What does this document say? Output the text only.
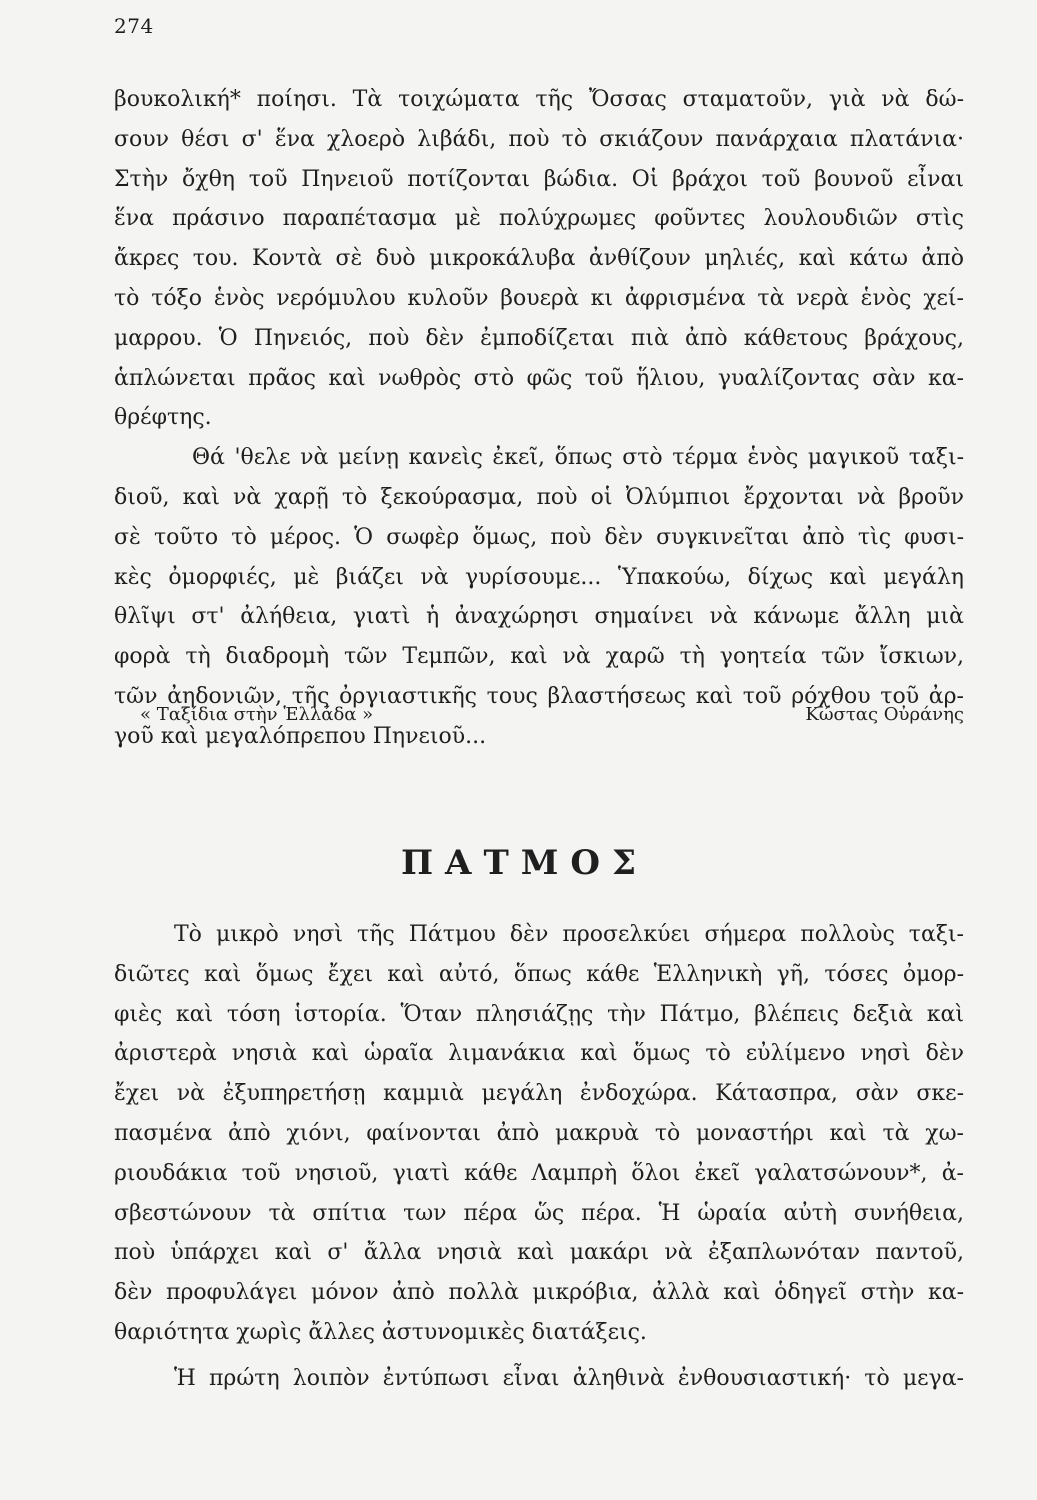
274
βουκολική* ποίησι. Τὰ τοιχώματα τῆς Ὄσσας σταματοῦν, γιὰ νὰ δώ-
σουν θέσι σ' ἕνα χλοερὸ λιβάδι, ποὺ τὸ σκιάζουν πανάρχαια πλατάνια·
Στὴν ὄχθη τοῦ Πηνειοῦ ποτίζονται βώδια. Οἱ βράχοι τοῦ βουνοῦ εἶναι
ἕνα πράσινο παραπέτασμα μὲ πολύχρωμες φοῦντες λουλουδιῶν στὶς
ἄκρες του. Κοντὰ σὲ δυὸ μικροκάλυβα ἀνθίζουν μηλιές, καὶ κάτω ἀπὸ
τὸ τόξο ἑνὸς νερόμυλου κυλοῦν βουερὰ κι ἀφρισμένα τὰ νερὰ ἑνὸς χεί-
μαρρου. Ὁ Πηνειός, ποὺ δὲν ἐμποδίζεται πιὰ ἀπὸ κάθετους βράχους,
ἁπλώνεται πρᾶος καὶ νωθρὸς στὸ φῶς τοῦ ἥλιου, γυαλίζοντας σὰν κα-
θρέφτης.
Θά 'θελε νὰ μείνῃ κανεὶς ἐκεῖ, ὅπως στὸ τέρμα ἑνὸς μαγικοῦ ταξι-
διοῦ, καὶ νὰ χαρῇ τὸ ξεκούρασμα, ποὺ οἱ Ὀλύμπιοι ἔρχονται νὰ βροῦν
σὲ τοῦτο τὸ μέρος. Ὁ σωφὲρ ὅμως, ποὺ δὲν συγκινεῖται ἀπὸ τὶς φυσι-
κὲς ὀμορφιές, μὲ βιάζει νὰ γυρίσουμε... Ὑπακούω, δίχως καὶ μεγάλη
θλῖψι στ' ἀλήθεια, γιατὶ ἡ ἀναχώρησι σημαίνει νὰ κάνωμε ἄλλη μιὰ
φορὰ τὴ διαδρομὴ τῶν Τεμπῶν, καὶ νὰ χαρῶ τὴ γοητεία τῶν ἴσκιων,
τῶν ἀηδονιῶν, τῆς ὀργιαστικῆς τους βλαστήσεως καὶ τοῦ ρόχθου τοῦ ἀρ-
γοῦ καὶ μεγαλόπρεπου Πηνειοῦ...
« Ταξίδια στὴν Ἑλλάδα »	Κώστας Οὐράνης
ΠΑΤΜΟΣ
Τὸ μικρὸ νησὶ τῆς Πάτμου δὲν προσελκύει σήμερα πολλοὺς ταξι-
διῶτες καὶ ὅμως ἔχει καὶ αὐτό, ὅπως κάθε Ἑλληνικὴ γῆ, τόσες ὀμορ-
φιὲς καὶ τόση ἱστορία. Ὅταν πλησιάζῃς τὴν Πάτμο, βλέπεις δεξιὰ καὶ
ἀριστερὰ νησιὰ καὶ ὡραῖα λιμανάκια καὶ ὅμως τὸ εὐλίμενο νησὶ δὲν
ἔχει νὰ ἐξυπηρετήσῃ καμμιὰ μεγάλη ἐνδοχώρα. Κάτασπρα, σὰν σκε-
πασμένα ἀπὸ χιόνι, φαίνονται ἀπὸ μακρυὰ τὸ μοναστήρι καὶ τὰ χω-
ριουδάκια τοῦ νησιοῦ, γιατὶ κάθε Λαμπρὴ ὅλοι ἐκεῖ γαλατσώνουν*, ἀ-
σβεστώνουν τὰ σπίτια των πέρα ὥς πέρα. Ἡ ὡραία αὐτὴ συνήθεια,
ποὺ ὑπάρχει καὶ σ' ἄλλα νησιὰ καὶ μακάρι νὰ ἐξαπλωνόταν παντοῦ,
δὲν προφυλάγει μόνον ἀπὸ πολλὰ μικρόβια, ἀλλὰ καὶ ὁδηγεῖ στὴν κα-
θαριότητα χωρὶς ἄλλες ἀστυνομικὲς διατάξεις.
Ἡ πρώτη λοιπὸν ἐντύπωσι εἶναι ἀληθινὰ ἐνθουσιαστική· τὸ μεγα-
